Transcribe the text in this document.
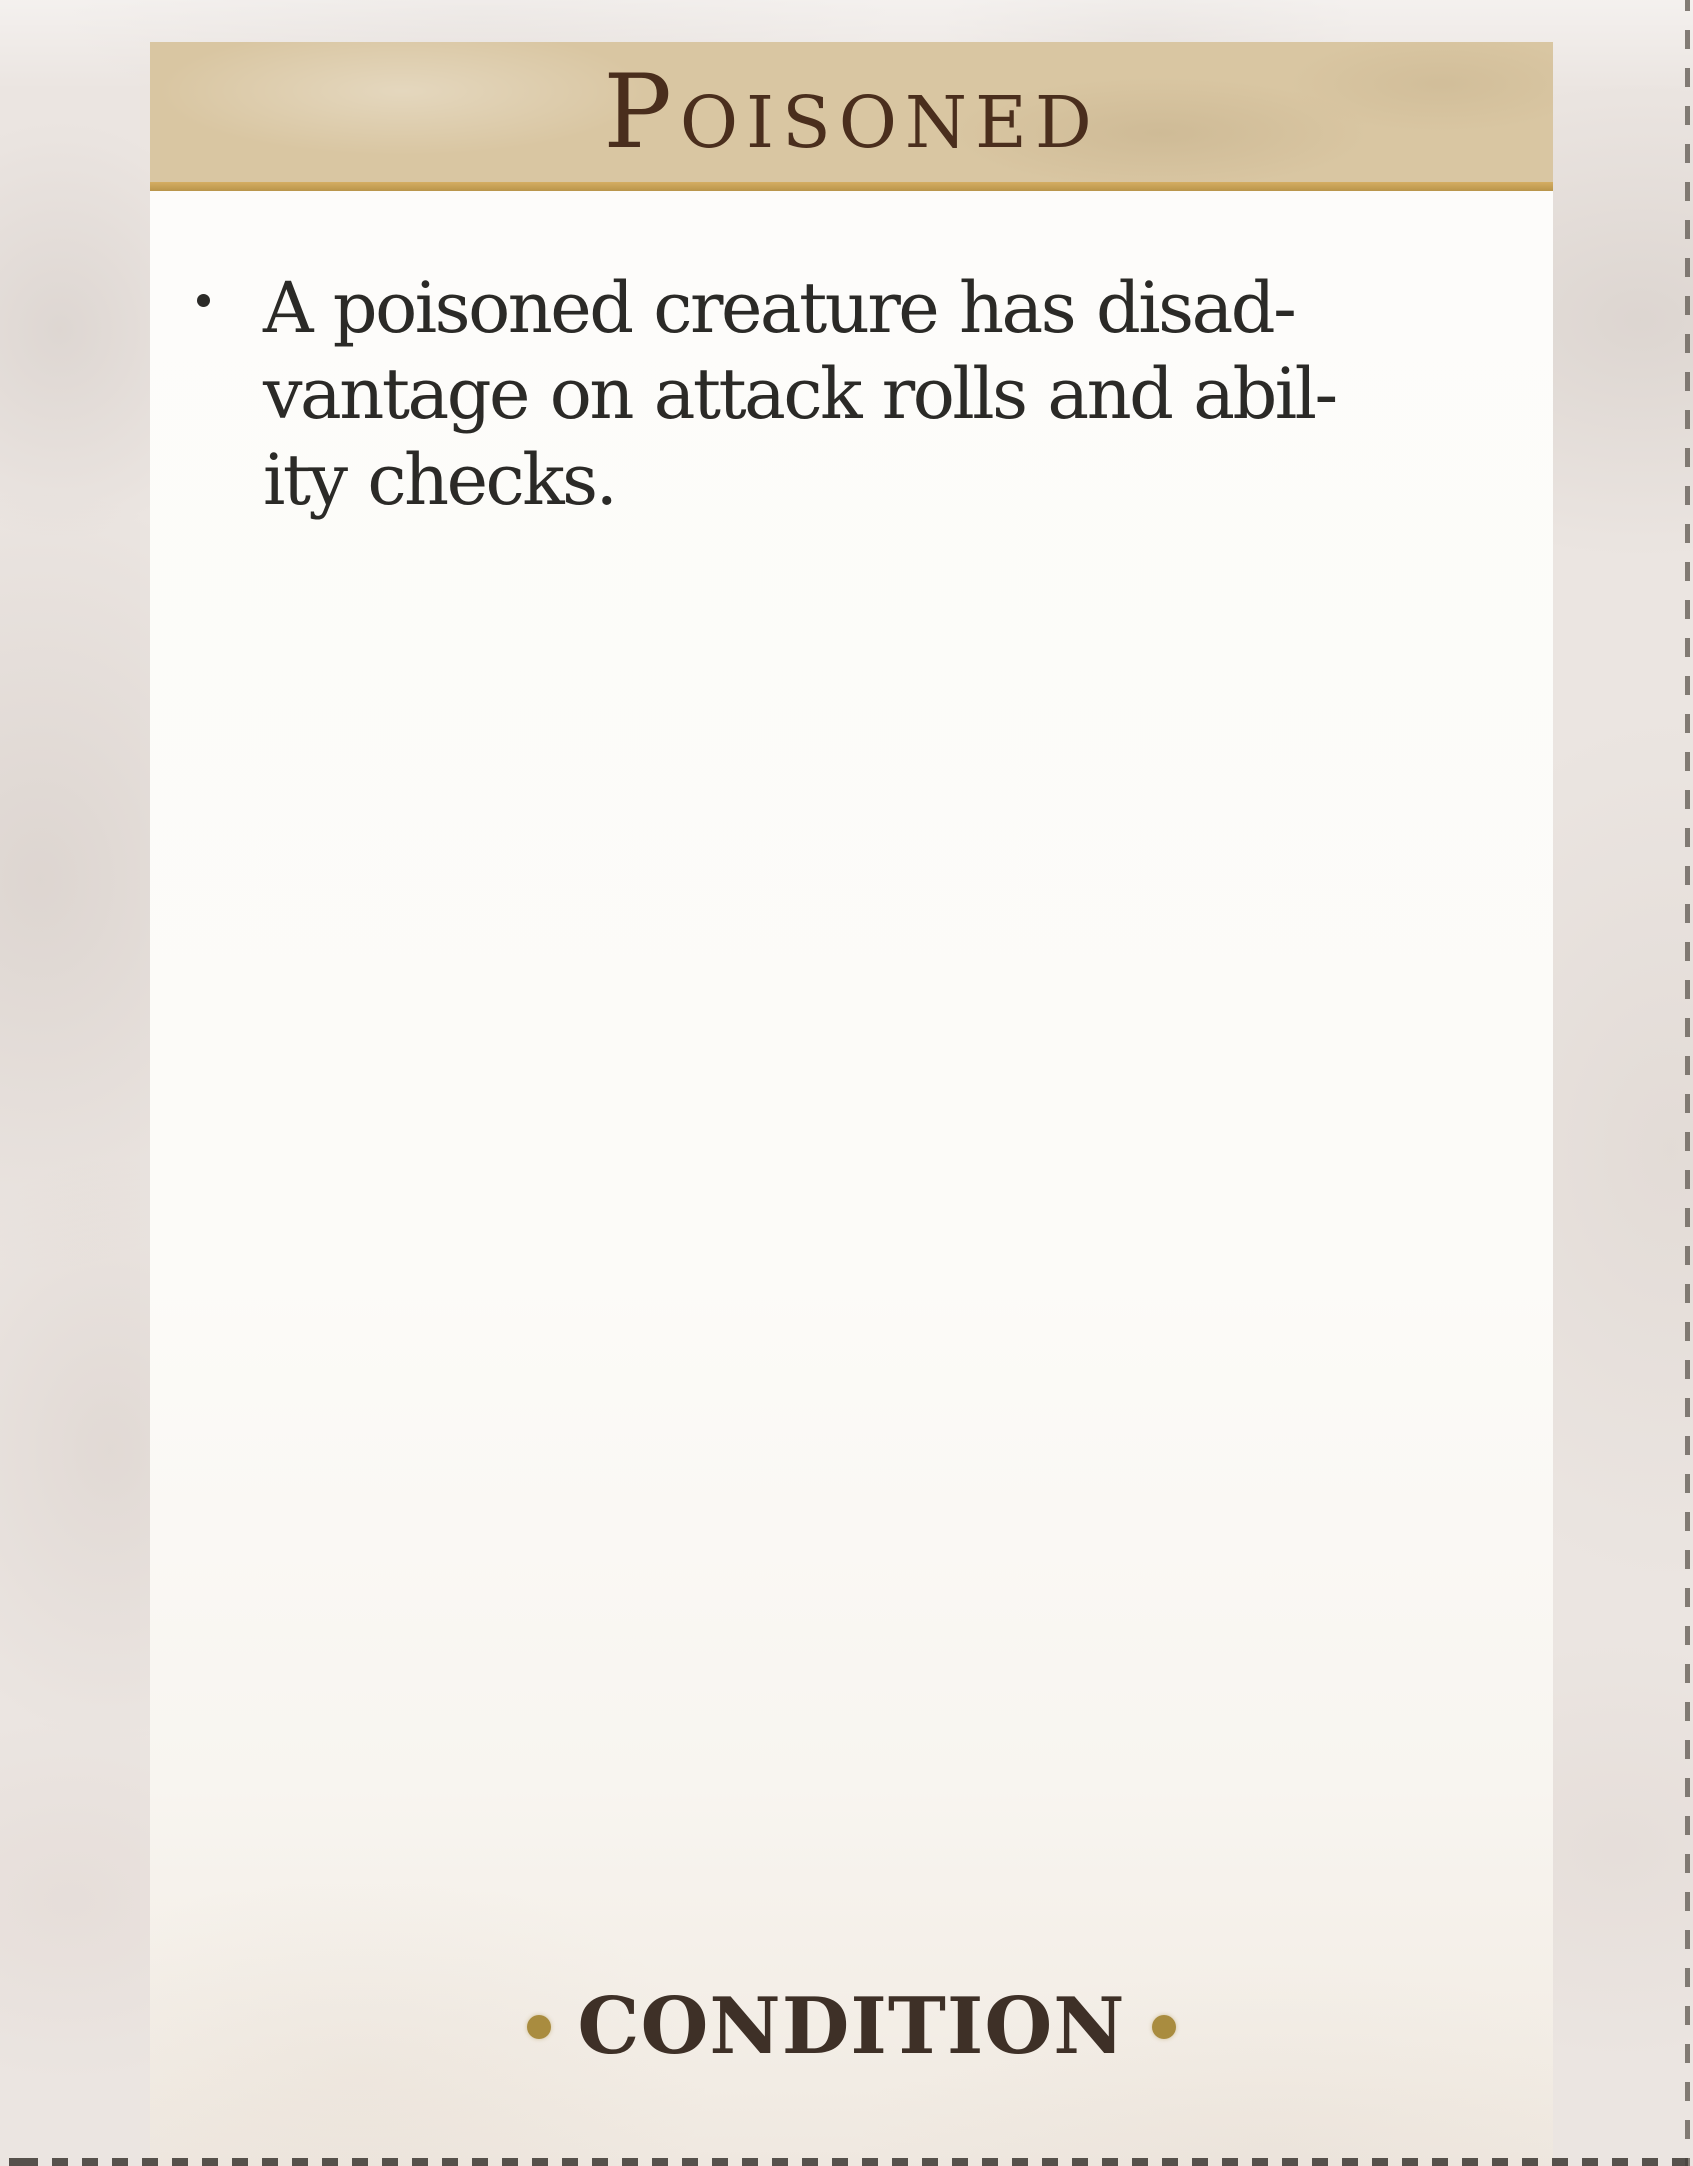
Poisoned

A poisoned creature has disad-

vantage on attack rolls and abil-

ity checks.

CONDITION
